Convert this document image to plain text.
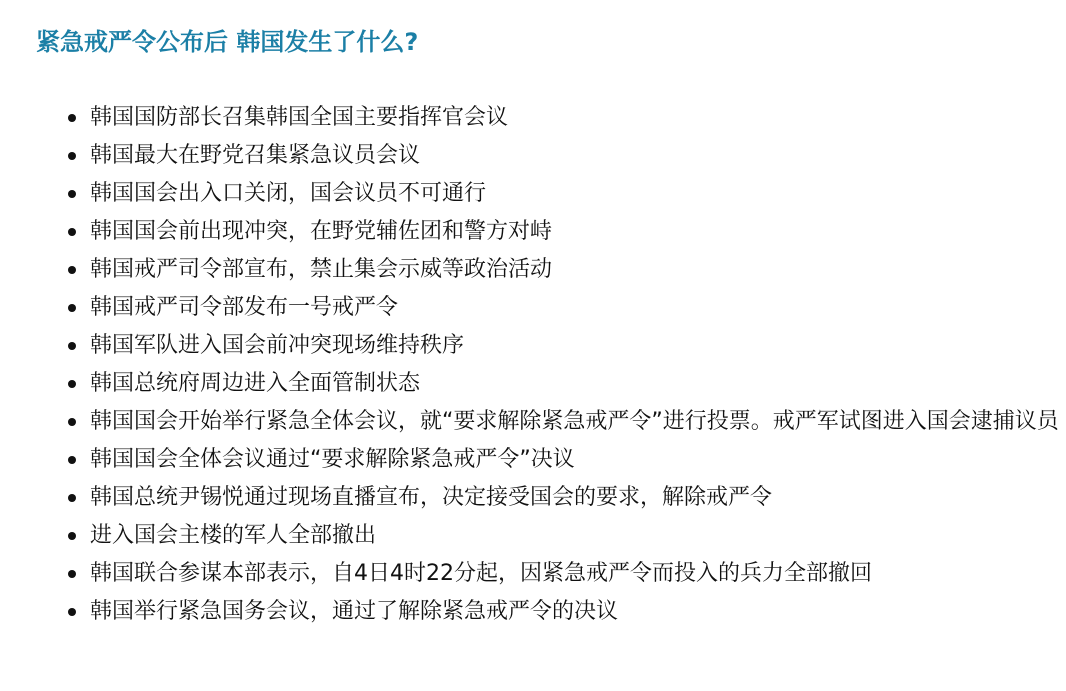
紧急戒严令公布后 韩国发生了什么?
韩国国防部长召集韩国全国主要指挥官会议
韩国最大在野党召集紧急议员会议
韩国国会出入口关闭，国会议员不可通行
韩国国会前出现冲突，在野党辅佐团和警方对峙
韩国戒严司令部宣布，禁止集会示威等政治活动
韩国戒严司令部发布一号戒严令
韩国军队进入国会前冲突现场维持秩序
韩国总统府周边进入全面管制状态
韩国国会开始举行紧急全体会议，就“要求解除紧急戒严令”进行投票。戒严军试图进入国会逮捕议员
韩国国会全体会议通过“要求解除紧急戒严令”决议
韩国总统尹锡悦通过现场直播宣布，决定接受国会的要求，解除戒严令
进入国会主楼的军人全部撤出
韩国联合参谋本部表示，自4日4时22分起，因紧急戒严令而投入的兵力全部撤回
韩国举行紧急国务会议，通过了解除紧急戒严令的决议
